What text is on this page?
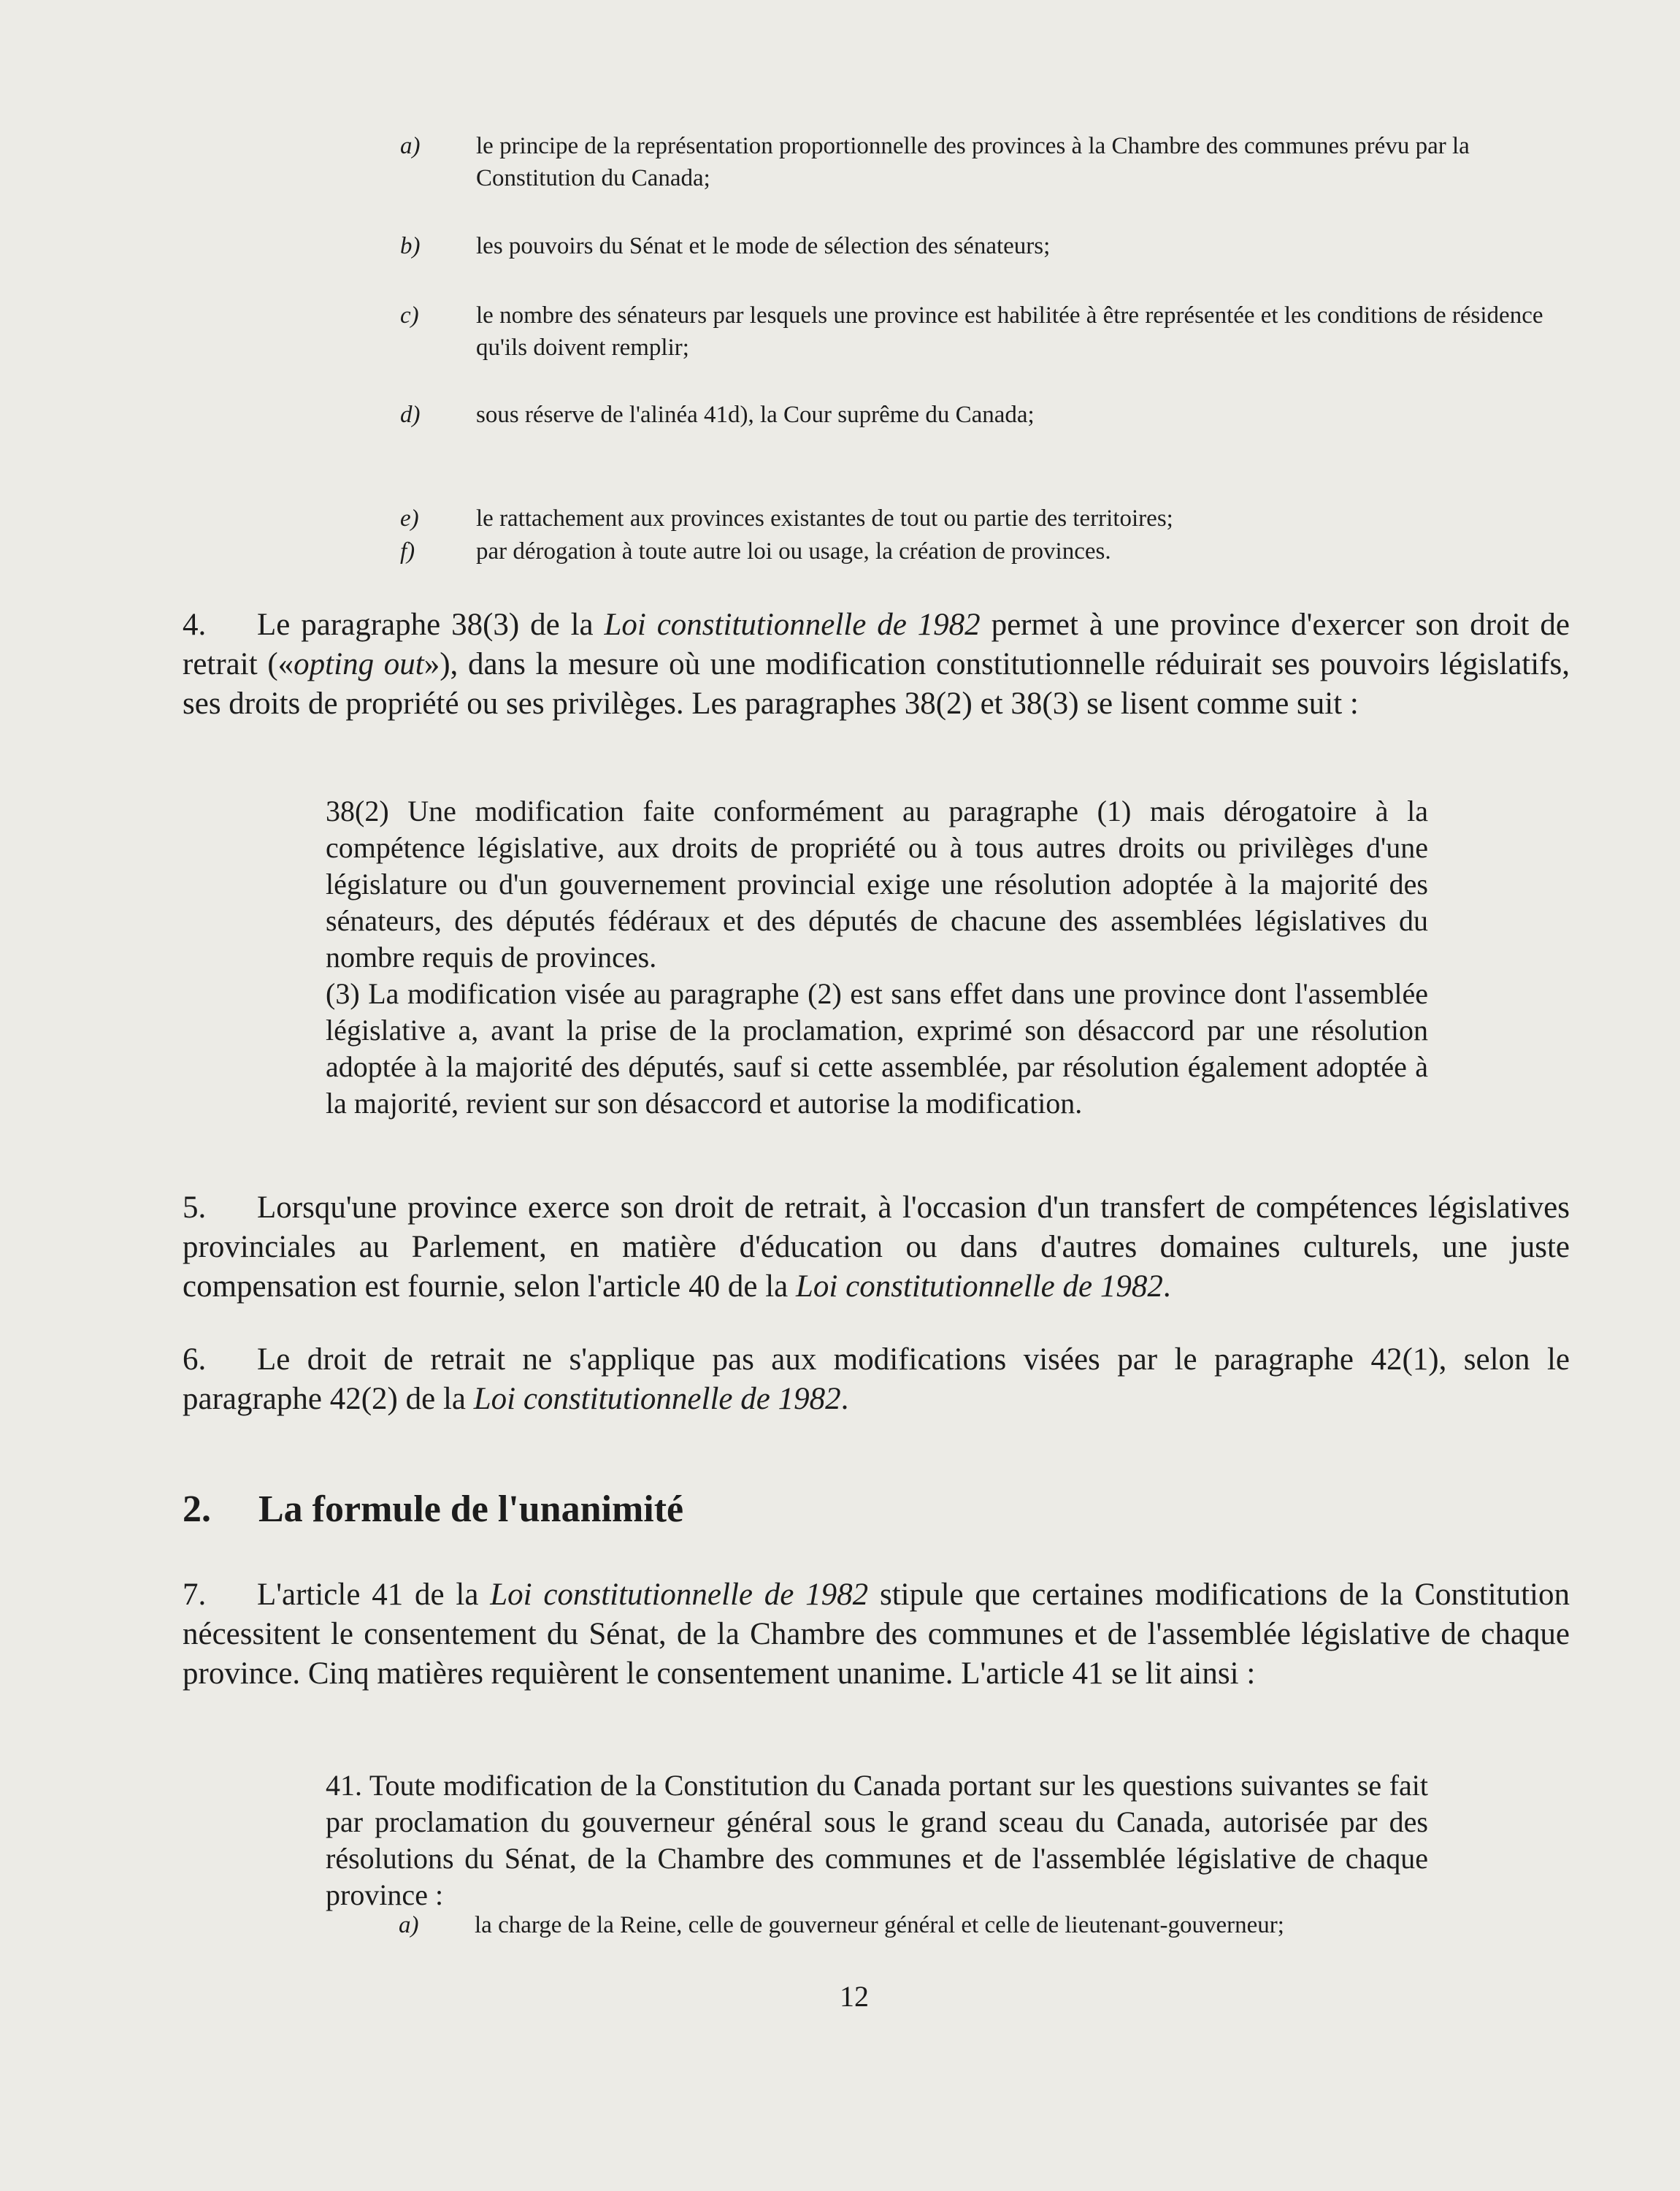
a) le principe de la représentation proportionnelle des provinces à la Chambre des communes prévu par la Constitution du Canada;
b) les pouvoirs du Sénat et le mode de sélection des sénateurs;
c) le nombre des sénateurs par lesquels une province est habilitée à être représentée et les conditions de résidence qu'ils doivent remplir;
d) sous réserve de l'alinéa 41d), la Cour suprême du Canada;
e) le rattachement aux provinces existantes de tout ou partie des territoires;
f)	par dérogation à toute autre loi ou usage, la création de provinces.
4. Le paragraphe 38(3) de la Loi constitutionnelle de 1982 permet à une province d'exercer son droit de retrait («opting out»), dans la mesure où une modification constitutionnelle réduirait ses pouvoirs législatifs, ses droits de propriété ou ses privilèges. Les paragraphes 38(2) et 38(3) se lisent comme suit :
38(2) Une modification faite conformément au paragraphe (1) mais dérogatoire à la compétence législative, aux droits de propriété ou à tous autres droits ou privilèges d'une législature ou d'un gouvernement provincial exige une résolution adoptée à la majorité des sénateurs, des députés fédéraux et des députés de chacune des assemblées législatives du nombre requis de provinces.
(3) La modification visée au paragraphe (2) est sans effet dans une province dont l'assemblée législative a, avant la prise de la proclamation, exprimé son désaccord par une résolution adoptée à la majorité des députés, sauf si cette assemblée, par résolution également adoptée à la majorité, revient sur son désaccord et autorise la modification.
5. Lorsqu'une province exerce son droit de retrait, à l'occasion d'un transfert de compétences législatives provinciales au Parlement, en matière d'éducation ou dans d'autres domaines culturels, une juste compensation est fournie, selon l'article 40 de la Loi constitutionnelle de 1982.
6. Le droit de retrait ne s'applique pas aux modifications visées par le paragraphe 42(1), selon le paragraphe 42(2) de la Loi constitutionnelle de 1982.
2. La formule de l'unanimité
7. L'article 41 de la Loi constitutionnelle de 1982 stipule que certaines modifications de la Constitution nécessitent le consentement du Sénat, de la Chambre des communes et de l'assemblée législative de chaque province. Cinq matières requièrent le consentement unanime. L'article 41 se lit ainsi :
41. Toute modification de la Constitution du Canada portant sur les questions suivantes se fait par proclamation du gouverneur général sous le grand sceau du Canada, autorisée par des résolutions du Sénat, de la Chambre des communes et de l'assemblée législative de chaque province :
a) la charge de la Reine, celle de gouverneur général et celle de lieutenant-gouverneur;
12
